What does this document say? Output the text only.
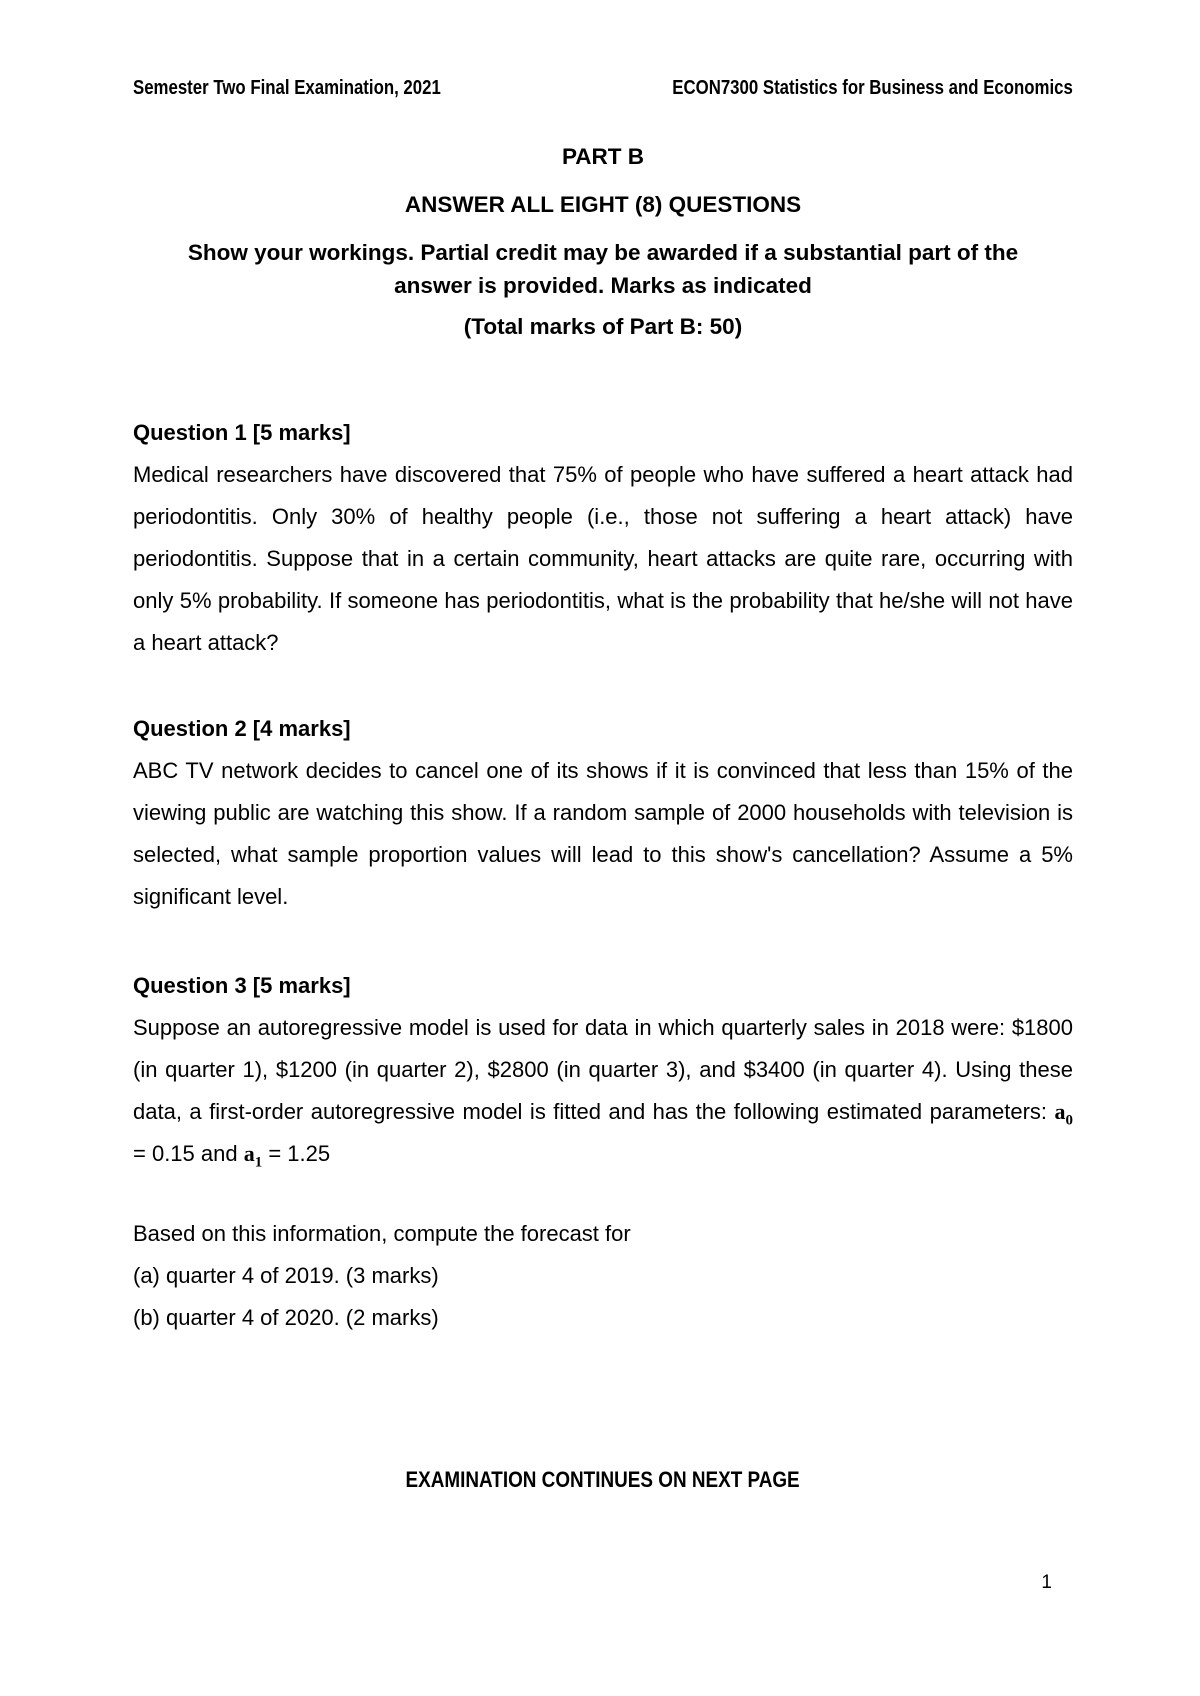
Semester Two Final Examination, 2021	ECON7300 Statistics for Business and Economics
PART B
ANSWER ALL EIGHT (8) QUESTIONS

Show your workings. Partial credit may be awarded if a substantial part of the answer is provided. Marks as indicated

(Total marks of Part B: 50)
Question 1 [5 marks]

Medical researchers have discovered that 75% of people who have suffered a heart attack had periodontitis. Only 30% of healthy people (i.e., those not suffering a heart attack) have periodontitis. Suppose that in a certain community, heart attacks are quite rare, occurring with only 5% probability. If someone has periodontitis, what is the probability that he/she will not have a heart attack?

Question 2 [4 marks]

ABC TV network decides to cancel one of its shows if it is convinced that less than 15% of the viewing public are watching this show. If a random sample of 2000 households with television is selected, what sample proportion values will lead to this show's cancellation? Assume a 5% significant level.

Question 3 [5 marks]

Suppose an autoregressive model is used for data in which quarterly sales in 2018 were: $1800 (in quarter 1), $1200 (in quarter 2), $2800 (in quarter 3), and $3400 (in quarter 4). Using these data, a first-order autoregressive model is fitted and has the following estimated parameters: $a_0 = 0.15$ and $a_1 = 1.25$

Based on this information, compute the forecast for
(a) quarter 4 of 2019. (3 marks)
(b) quarter 4 of 2020. (2 marks)
EXAMINATION CONTINUES ON NEXT PAGE
1
